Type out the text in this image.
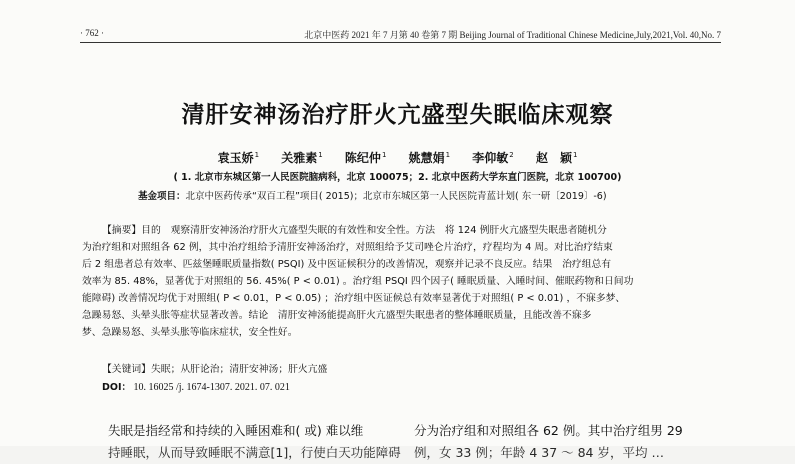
· 762 ·	北京中医药 2021 年 7 月第 40 卷第 7 期 Beijing Journal of Traditional Chinese Medicine,July,2021,Vol. 40,No. 7
清肝安神汤治疗肝火亢盛型失眠临床观察
袁玉娇$^1$ 关雅素$^1$ 陈纪仲$^1$ 姚慧娟$^1$ 李仰敏$^2$ 赵　颖$^1$
( 1. 北京市东城区第一人民医院脑病科，北京 100075；2. 北京中医药大学东直门医院，北京 100700)
基金项目：北京中医药传承“双百工程”项目( 2015)；北京市东城区第一人民医院青蓝计划( 东一研〔2019〕-6)
【摘要】目的　观察清肝安神汤治疗肝火亢盛型失眠的有效性和安全性。方法　将 124 例肝火亢盛型失眠患者随机分
为治疗组和对照组各 62 例，其中治疗组给予清肝安神汤治疗，对照组给予艾司唑仑片治疗，疗程均为 4 周。对比治疗结束
后 2 组患者总有效率、匹兹堡睡眠质量指数( PSQI) 及中医证候积分的改善情况，观察并记录不良反应。结果　治疗组总有
效率为 85. 48%，显著优于对照组的 56. 45%( P < 0.01) 。治疗组 PSQI 四个因子( 睡眠质量、入睡时间、催眠药物和日间功
能障碍) 改善情况均优于对照组( P < 0.01，P < 0.05) ；治疗组中医证候总有效率显著优于对照组( P < 0.01) ，不寐多梦、
急躁易怒、头晕头胀等症状显著改善。结论　清肝安神汤能提高肝火亢盛型失眠患者的整体睡眠质量，且能改善不寐多
梦、急躁易怒、头晕头胀等临床症状，安全性好。
【关键词】失眠；从肝论治；清肝安神汤；肝火亢盛
DOI： 10. 16025 /j. 1674-1307. 2021. 07. 021
失眠是指经常和持续的入睡困难和( 或) 难以维
持睡眠，从而导致睡眠不满意[1]，行使白天功能障碍
分为治疗组和对照组各 62 例。其中治疗组男 29
例，女 33 例；年龄 4 37 ～ 84 岁，平均 …
